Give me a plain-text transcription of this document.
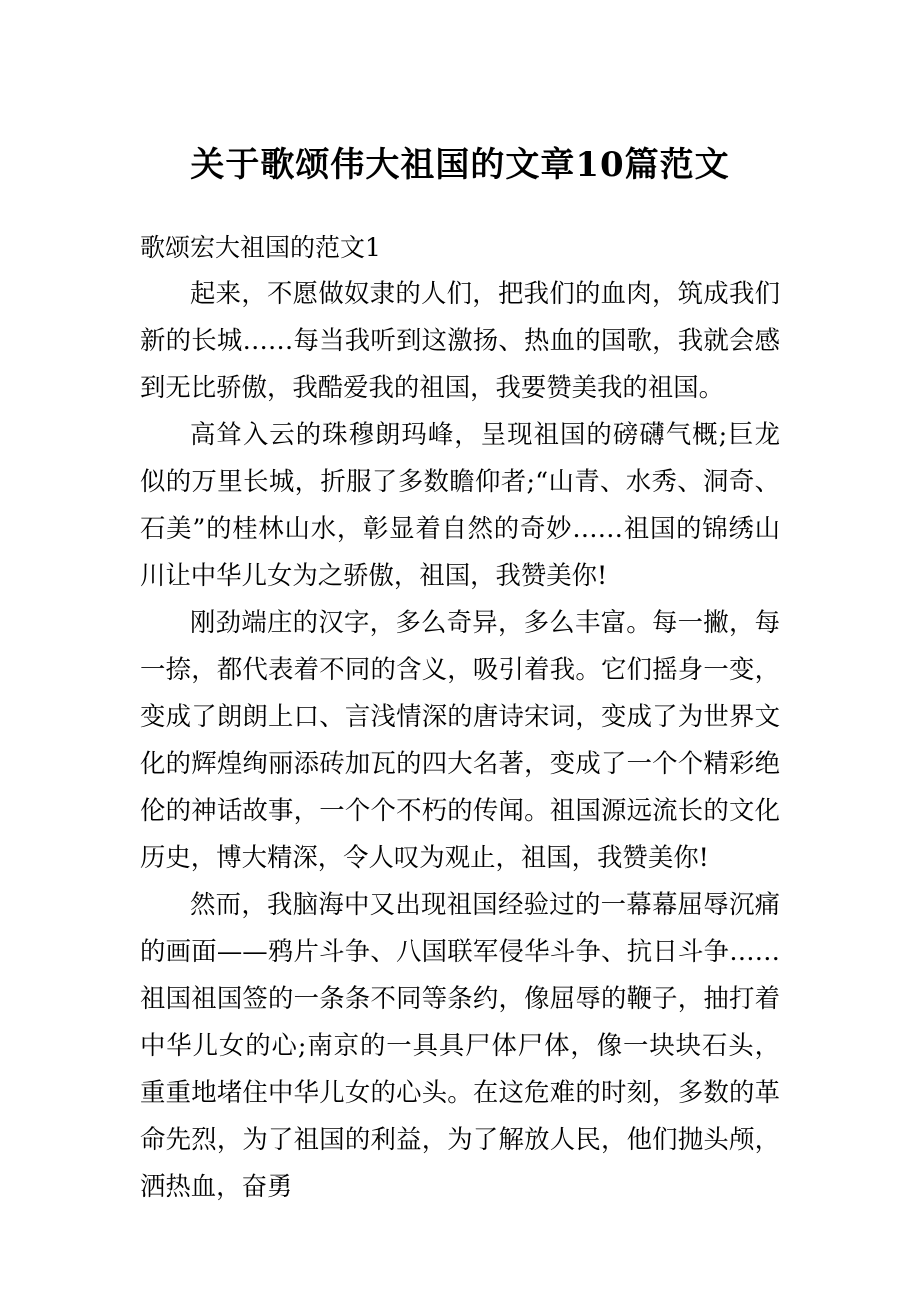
关于歌颂伟大祖国的文章10篇范文

歌颂宏大祖国的范文1

起来，不愿做奴隶的人们，把我们的血肉，筑成我们新的长城……每当我听到这激扬、热血的国歌，我就会感到无比骄傲，我酷爱我的祖国，我要赞美我的祖国。

高耸入云的珠穆朗玛峰，呈现祖国的磅礴气概;巨龙似的万里长城，折服了多数瞻仰者;“山青、水秀、洞奇、石美”的桂林山水，彰显着自然的奇妙……祖国的锦绣山川让中华儿女为之骄傲，祖国，我赞美你!

刚劲端庄的汉字，多么奇异，多么丰富。每一撇，每一捺，都代表着不同的含义，吸引着我。它们摇身一变，变成了朗朗上口、言浅情深的唐诗宋词，变成了为世界文化的辉煌绚丽添砖加瓦的四大名著，变成了一个个精彩绝伦的神话故事，一个个不朽的传闻。祖国源远流长的文化历史，博大精深，令人叹为观止，祖国，我赞美你!

然而，我脑海中又出现祖国经验过的一幕幕屈辱沉痛的画面——鸦片斗争、八国联军侵华斗争、抗日斗争……祖国祖国签的一条条不同等条约，像屈辱的鞭子，抽打着中华儿女的心;南京的一具具尸体尸体，像一块块石头，重重地堵住中华儿女的心头。在这危难的时刻，多数的革命先烈，为了祖国的利益，为了解放人民，他们抛头颅，洒热血，奋勇
